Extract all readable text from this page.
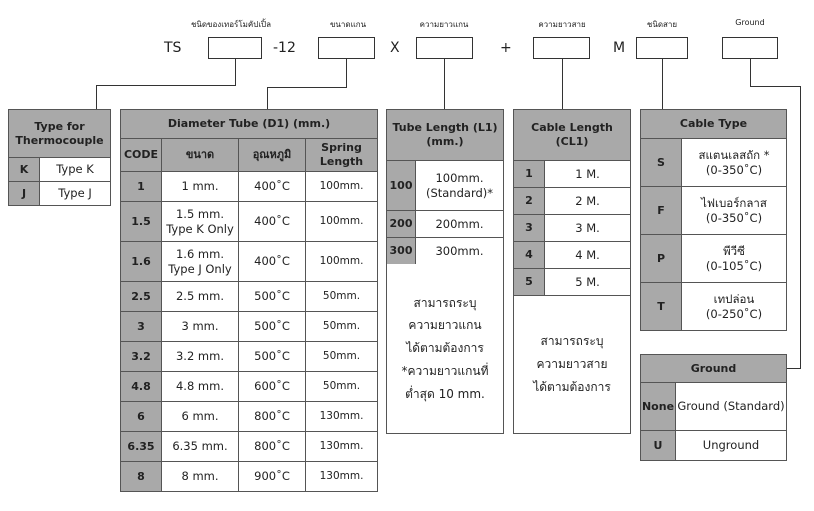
ชนิดของเทอร์โมคัปเปิ้ล	ขนาดแกน	ความยาวแกน	ความยาวสาย	ชนิดสาย	Ground
TS	-12	X	+	M
Type for Thermocouple	
K	Type K
J	Type J
Diameter Tube (D1) (mm.)			
CODE	ขนาด	อุณหภูมิ	Spring Length
1	1 mm.	400˚C	100mm.
1.5	1.5 mm. Type K Only	400˚C	100mm.
1.6	1.6 mm. Type J Only	400˚C	100mm.
2.5	2.5 mm.	500˚C	50mm.
3	3 mm.	500˚C	50mm.
3.2	3.2 mm.	500˚C	50mm.
4.8	4.8 mm.	600˚C	50mm.
6	6 mm.	800˚C	130mm.
6.35	6.35 mm.	800˚C	130mm.
8	8 mm.	900˚C	130mm.
Tube Length (L1) (mm.)	
100	100mm. (Standard)*
200	200mm.
300	300mm.
สามารถระบุ
ความยาวแกน
ได้ตามต้องการ
*ความยาวแกนที่
ต่ำสุด 10 mm.
Cable Length (CL1)	
1	1 M.
2	2 M.
3	3 M.
4	4 M.
5	5 M.
สามารถระบุ
ความยาวสาย
ได้ตามต้องการ
Cable Type	
S	สแตนเลสถัก *
(0-350˚C)

F	ไฟเบอร์กลาส
(0-350˚C)

P	พีวีซี
(0-105˚C)

T	เทปล่อน
(0-250˚C)
Ground	
None	Ground (Standard)
U	Unground
